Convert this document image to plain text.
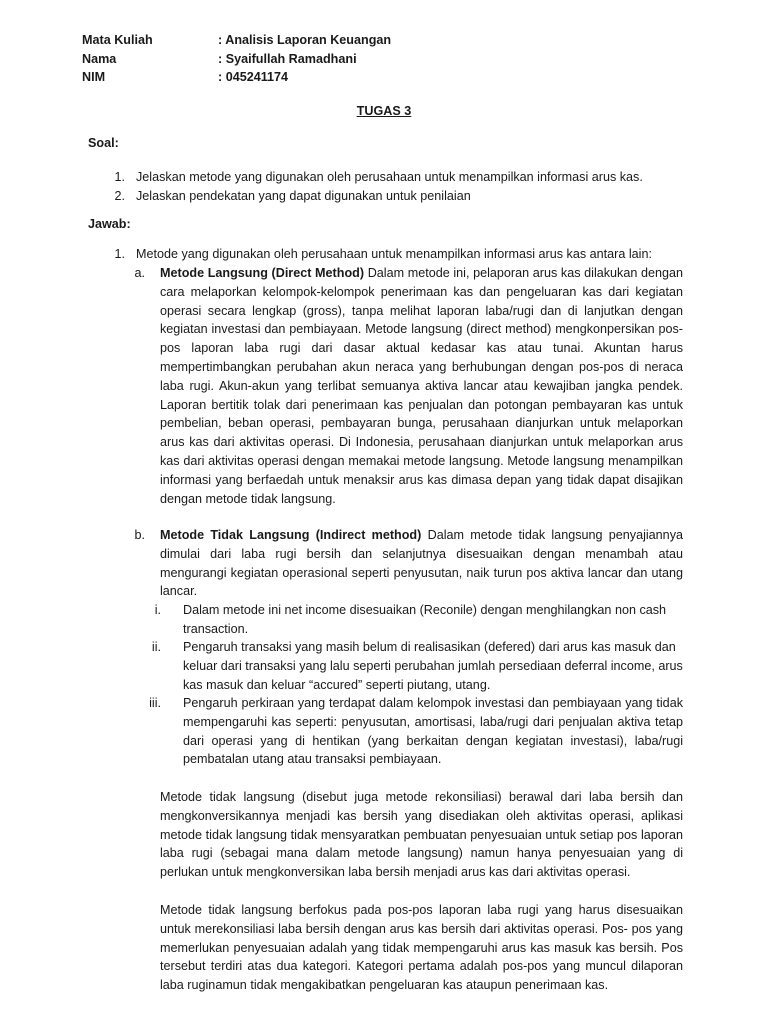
Mata Kuliah	: Analisis Laporan Keuangan
Nama	: Syaifullah Ramadhani
NIM	: 045241174
TUGAS 3
Soal:
1. Jelaskan metode yang digunakan oleh perusahaan untuk menampilkan informasi arus kas.
2. Jelaskan pendekatan yang dapat digunakan untuk penilaian
Jawab:
1. Metode yang digunakan oleh perusahaan untuk menampilkan informasi arus kas antara lain:
a. Metode Langsung (Direct Method) Dalam metode ini, pelaporan arus kas dilakukan dengan cara melaporkan kelompok-kelompok penerimaan kas dan pengeluaran kas dari kegiatan operasi secara lengkap (gross), tanpa melihat laporan laba/rugi dan di lanjutkan dengan kegiatan investasi dan pembiayaan. Metode langsung (direct method) mengkonpersikan pos-pos laporan laba rugi dari dasar aktual kedasar kas atau tunai. Akuntan harus mempertimbangkan perubahan akun neraca yang berhubungan dengan pos-pos di neraca laba rugi. Akun-akun yang terlibat semuanya aktiva lancar atau kewajiban jangka pendek. Laporan bertitik tolak dari penerimaan kas penjualan dan potongan pembayaran kas untuk pembelian, beban operasi, pembayaran bunga, perusahaan dianjurkan untuk melaporkan arus kas dari aktivitas operasi. Di Indonesia, perusahaan dianjurkan untuk melaporkan arus kas dari aktivitas operasi dengan memakai metode langsung. Metode langsung menampilkan informasi yang berfaedah untuk menaksir arus kas dimasa depan yang tidak dapat disajikan dengan metode tidak langsung.
b. Metode Tidak Langsung (Indirect method) Dalam metode tidak langsung penyajiannya dimulai dari laba rugi bersih dan selanjutnya disesuaikan dengan menambah atau mengurangi kegiatan operasional seperti penyusutan, naik turun pos aktiva lancar dan utang lancar.
i. Dalam metode ini net income disesuaikan (Reconile) dengan menghilangkan non cash transaction.
ii. Pengaruh transaksi yang masih belum di realisasikan (defered) dari arus kas masuk dan keluar dari transaksi yang lalu seperti perubahan jumlah persediaan deferral income, arus kas masuk dan keluar “accured” seperti piutang, utang.
iii. Pengaruh perkiraan yang terdapat dalam kelompok investasi dan pembiayaan yang tidak mempengaruhi kas seperti: penyusutan, amortisasi, laba/rugi dari penjualan aktiva tetap dari operasi yang di hentikan (yang berkaitan dengan kegiatan investasi), laba/rugi pembatalan utang atau transaksi pembiayaan.
Metode tidak langsung (disebut juga metode rekonsiliasi) berawal dari laba bersih dan mengkonversikannya menjadi kas bersih yang disediakan oleh aktivitas operasi, aplikasi metode tidak langsung tidak mensyaratkan pembuatan penyesuaian untuk setiap pos laporan laba rugi (sebagai mana dalam metode langsung) namun hanya penyesuaian yang di perlukan untuk mengkonversikan laba bersih menjadi arus kas dari aktivitas operasi.
Metode tidak langsung berfokus pada pos-pos laporan laba rugi yang harus disesuaikan untuk merekonsiliasi laba bersih dengan arus kas bersih dari aktivitas operasi. Pos- pos yang memerlukan penyesuaian adalah yang tidak mempengaruhi arus kas masuk kas bersih. Pos tersebut terdiri atas dua kategori. Kategori pertama adalah pos-pos yang muncul dilaporan laba ruginamun tidak mengakibatkan pengeluaran kas ataupun penerimaan kas.
